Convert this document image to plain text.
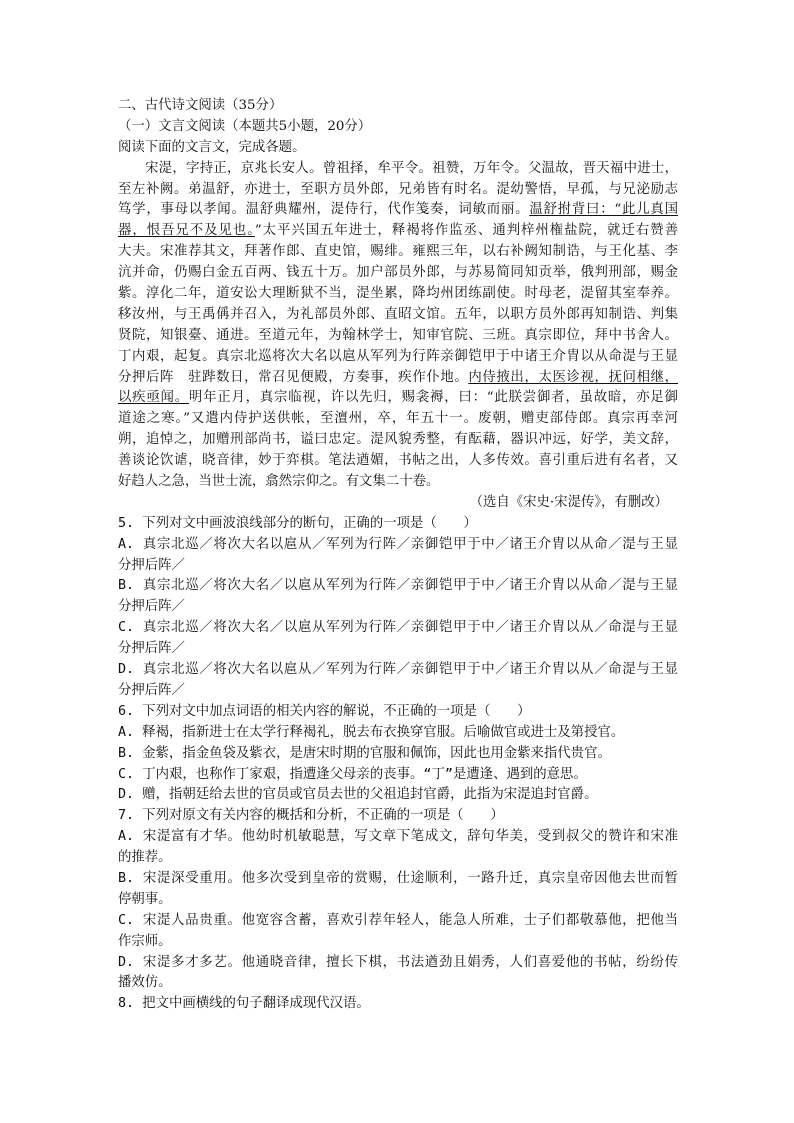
二、古代诗文阅读（35分）
（一）文言文阅读（本题共5小题，20分）
阅读下面的文言文，完成各题。
宋湜，字持正，京兆长安人。曾祖择，牟平令。祖赞，万年令。父温故，晋天福中进士，
至左补阙。弟温舒，亦进士，至职方员外郎，兄弟皆有时名。湜幼警悟，早孤，与兄泌励志
笃学，事母以孝闻。温舒典耀州，湜侍行，代作笺奏，词敏而丽。温舒拊背曰：“此儿真国
器，恨吾兄不及见也。”太平兴国五年进士，释褐将作监丞、通判梓州権盐院，就迁右赞善
大夫。宋准荐其文，拜著作郎、直史馆，赐绯。雍熙三年，以右补阙知制诰，与王化基、李
沆并命，仍赐白金五百两、钱五十万。加户部员外郎，与苏易简同知贡举，俄判刑部，赐金
紫。淳化二年，道安讼大理断狱不当，湜坐累，降均州团练副使。时母老，湜留其室奉养。
移汝州，与王禹偁并召入，为礼部员外郎、直昭文馆。五年，以职方员外郎再知制诰、判集
贤院，知银臺、通进。至道元年，为翰林学士，知审官院、三班。真宗即位，拜中书舍人。
丁内艰，起复。真宗北巡将次大名以扈从军列为行阵亲御铠甲于中诸王介胄以从命湜与王显
分押后阵　驻跸数日，常召见便殿，方奏事，疾作仆地。内侍掖出，太医诊视，抚问相继，
以疾亟闻。明年正月，真宗临视，许以先归，赐衾褥，曰：“此朕尝御者，虽故暗，亦足御
道途之寒。”又遣内侍护送供帐，至澶州，卒，年五十一。废朝，赠吏部侍郎。真宗再幸河
朔，追悼之，加赠刑部尚书，谥曰忠定。湜风貌秀整，有酝藉，器识冲远，好学，美文辞，
善谈论饮谑，晓音律，妙于弈棋。笔法遒媚，书帖之出，人多传效。喜引重后进有名者，又
好趋人之急，当世士流，翕然宗仰之。有文集二十卷。
（选自《宋史·宋湜传》，有删改）
5. 下列对文中画波浪线部分的断句，正确的一项是（　　）
A. 真宗北巡／将次大名以扈从／军列为行阵／亲御铠甲于中／诸王介胄以从命／湜与王显
分押后阵／
B. 真宗北巡／将次大名／以扈从军列为行阵／亲御铠甲于中／诸王介胄以从命／湜与王显
分押后阵／
C. 真宗北巡／将次大名／以扈从军列为行阵／亲御铠甲于中／诸王介胄以从／命湜与王显
分押后阵／
D. 真宗北巡／将次大名以扈从／军列为行阵／亲御铠甲于中／诸王介胄以从／命湜与王显
分押后阵／
6. 下列对文中加点词语的相关内容的解说，不正确的一项是（　　）
A. 释褐，指新进士在太学行释褐礼，脱去布衣换穿官服。后喻做官或进士及第授官。
B. 金紫，指金鱼袋及紫衣，是唐宋时期的官服和佩饰，因此也用金紫来指代贵官。
C. 丁内艰，也称作丁家艰，指遭逢父母亲的丧事。“丁”是遭逢、遇到的意思。
D. 赠，指朝廷给去世的官员或官员去世的父祖追封官爵，此指为宋湜追封官爵。
7. 下列对原文有关内容的概括和分析，不正确的一项是（　　）
A. 宋湜富有才华。他幼时机敏聪慧，写文章下笔成文，辞句华美，受到叔父的赞许和宋准
的推荐。
B. 宋湜深受重用。他多次受到皇帝的赏赐，仕途顺利，一路升迁，真宗皇帝因他去世而暂
停朝事。
C. 宋湜人品贵重。他宽容含蓄，喜欢引荐年轻人，能急人所难，士子们都敬慕他，把他当
作宗师。
D. 宋湜多才多艺。他通晓音律，擅长下棋，书法遒劲且娟秀，人们喜爱他的书帖，纷纷传
播效仿。
8. 把文中画横线的句子翻译成现代汉语。
